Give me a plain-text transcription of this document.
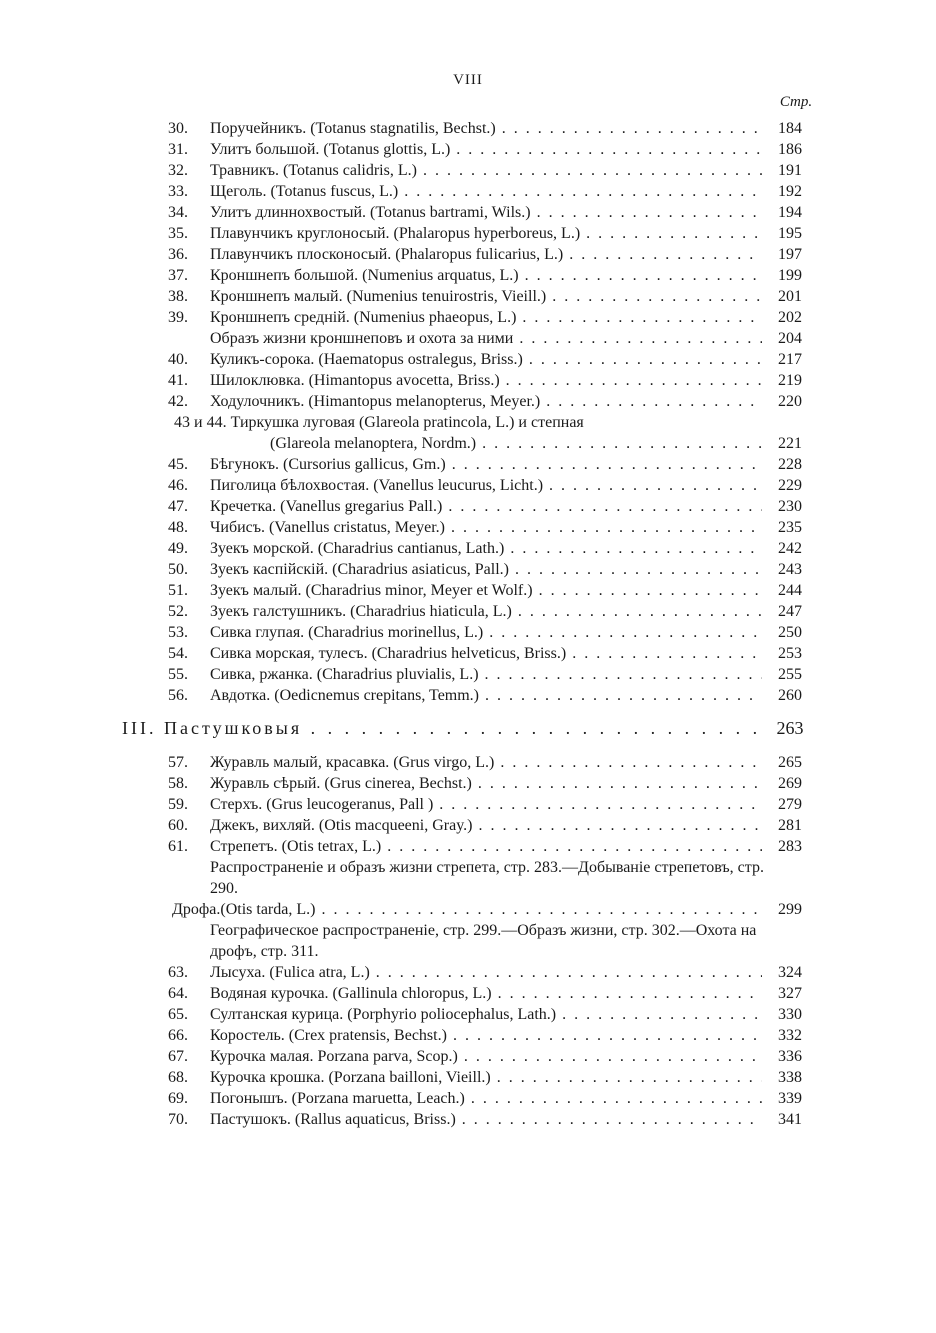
VIII
Стр.
30.	Поручейникъ. (Totanus stagnatilis, Bechst.) . . .	184
31.	Улитъ большой. (Totanus glottis, L.) . . .	186
32.	Травникъ. (Totanus calidris, L.) . . .	191
33.	Щеголь. (Totanus fuscus, L.) . . .	192
34.	Улитъ длиннохвостый. (Totanus bartrami, Wils.) . . .	194
35.	Плавунчикъ круглоносый. (Phalaropus hyperboreus, L.) . . .	195
36.	Плавунчикъ плосконосый. (Phalaropus fulicarius, L.) . . .	197
37.	Кроншнепъ большой. (Numenius arquatus, L.) . . .	199
38.	Кроншнепъ малый. (Numenius tenuirostris, Vieill.) . . .	201
39.	Кроншнепъ средній. (Numenius phaeopus, L.) . . .	202
Образъ жизни кроншнеповъ и охота за ними . . .	204
40.	Куликъ-сорока. (Haematopus ostralegus, Briss.) . . .	217
41.	Шилоклювка. (Himantopus avocetta, Briss.) . . .	219
42.	Ходулочникъ. (Himantopus melanopterus, Meyer.) . . .	220
43 и 44. Тиркушка луговая (Glareola pratincola, L.) и степная
(Glareola melanoptera, Nordm.) . . .	221
45.	Бѣгунокъ. (Cursorius gallicus, Gm.) . . .	228
46.	Пиголица бѣлохвостая. (Vanellus leucurus, Licht.) . . .	229
47.	Кречетка. (Vanellus gregarius Pall.) . . .	230
48.	Чибисъ. (Vanellus cristatus, Meyer.) . . .	235
49.	Зуекъ морской. (Charadrius cantianus, Lath.) . . .	242
50.	Зуекъ каспійскій. (Charadrius asiaticus, Pall.) . . .	243
51.	Зуекъ малый. (Charadrius minor, Meyer et Wolf.) . . .	244
52.	Зуекъ галстушникъ. (Charadrius hiaticula, L.) . . .	247
53.	Сивка глупая. (Charadrius morinellus, L.) . . .	250
54.	Сивка морская, тулесъ. (Charadrius helveticus, Briss.) . . .	253
55.	Сивка, ржанка. (Charadrius pluvialis, L.) . . .	255
56.	Авдотка. (Oedicnemus crepitans, Temm.) . . .	260
III. Пастушковыя . . .	263
57.	Журавль малый, красавка. (Grus virgo, L.) . . .	265
58.	Журавль сѣрый. (Grus cinerea, Bechst.) . . .	269
59.	Стерхъ. (Grus leucogeranus, Pall ) . . .	279
60.	Джекъ, вихляй. (Otis macqueeni, Gray.) . . .	281
61.	Стрепетъ. (Otis tetrax, L.) . . .	283
Распространеніе и образъ жизни стрепета, стр. 283.—Добываніе стрепетовъ, стр. 290.
Дрофа.(Otis tarda, L.) . . .	299
Географическое распространеніе, стр. 299.—Образъ жизни, стр. 302.—Охота на дрофъ, стр. 311.
63.	Лысуха. (Fulica atra, L.) . . .	324
64.	Водяная курочка. (Gallinula chloropus, L.) . . .	327
65.	Султанская курица. (Porphyrio poliocephalus, Lath.) . . .	330
66.	Коростель. (Crex pratensis, Bechst.) . . .	332
67.	Курочка малая. Porzana parva, Scop.) . . .	336
68.	Курочка крошка. (Porzana bailloni, Vieill.) . . .	338
69.	Погонышъ. (Porzana maruetta, Leach.) . . .	339
70.	Пастушокъ. (Rallus aquaticus, Briss.) . . .	341
